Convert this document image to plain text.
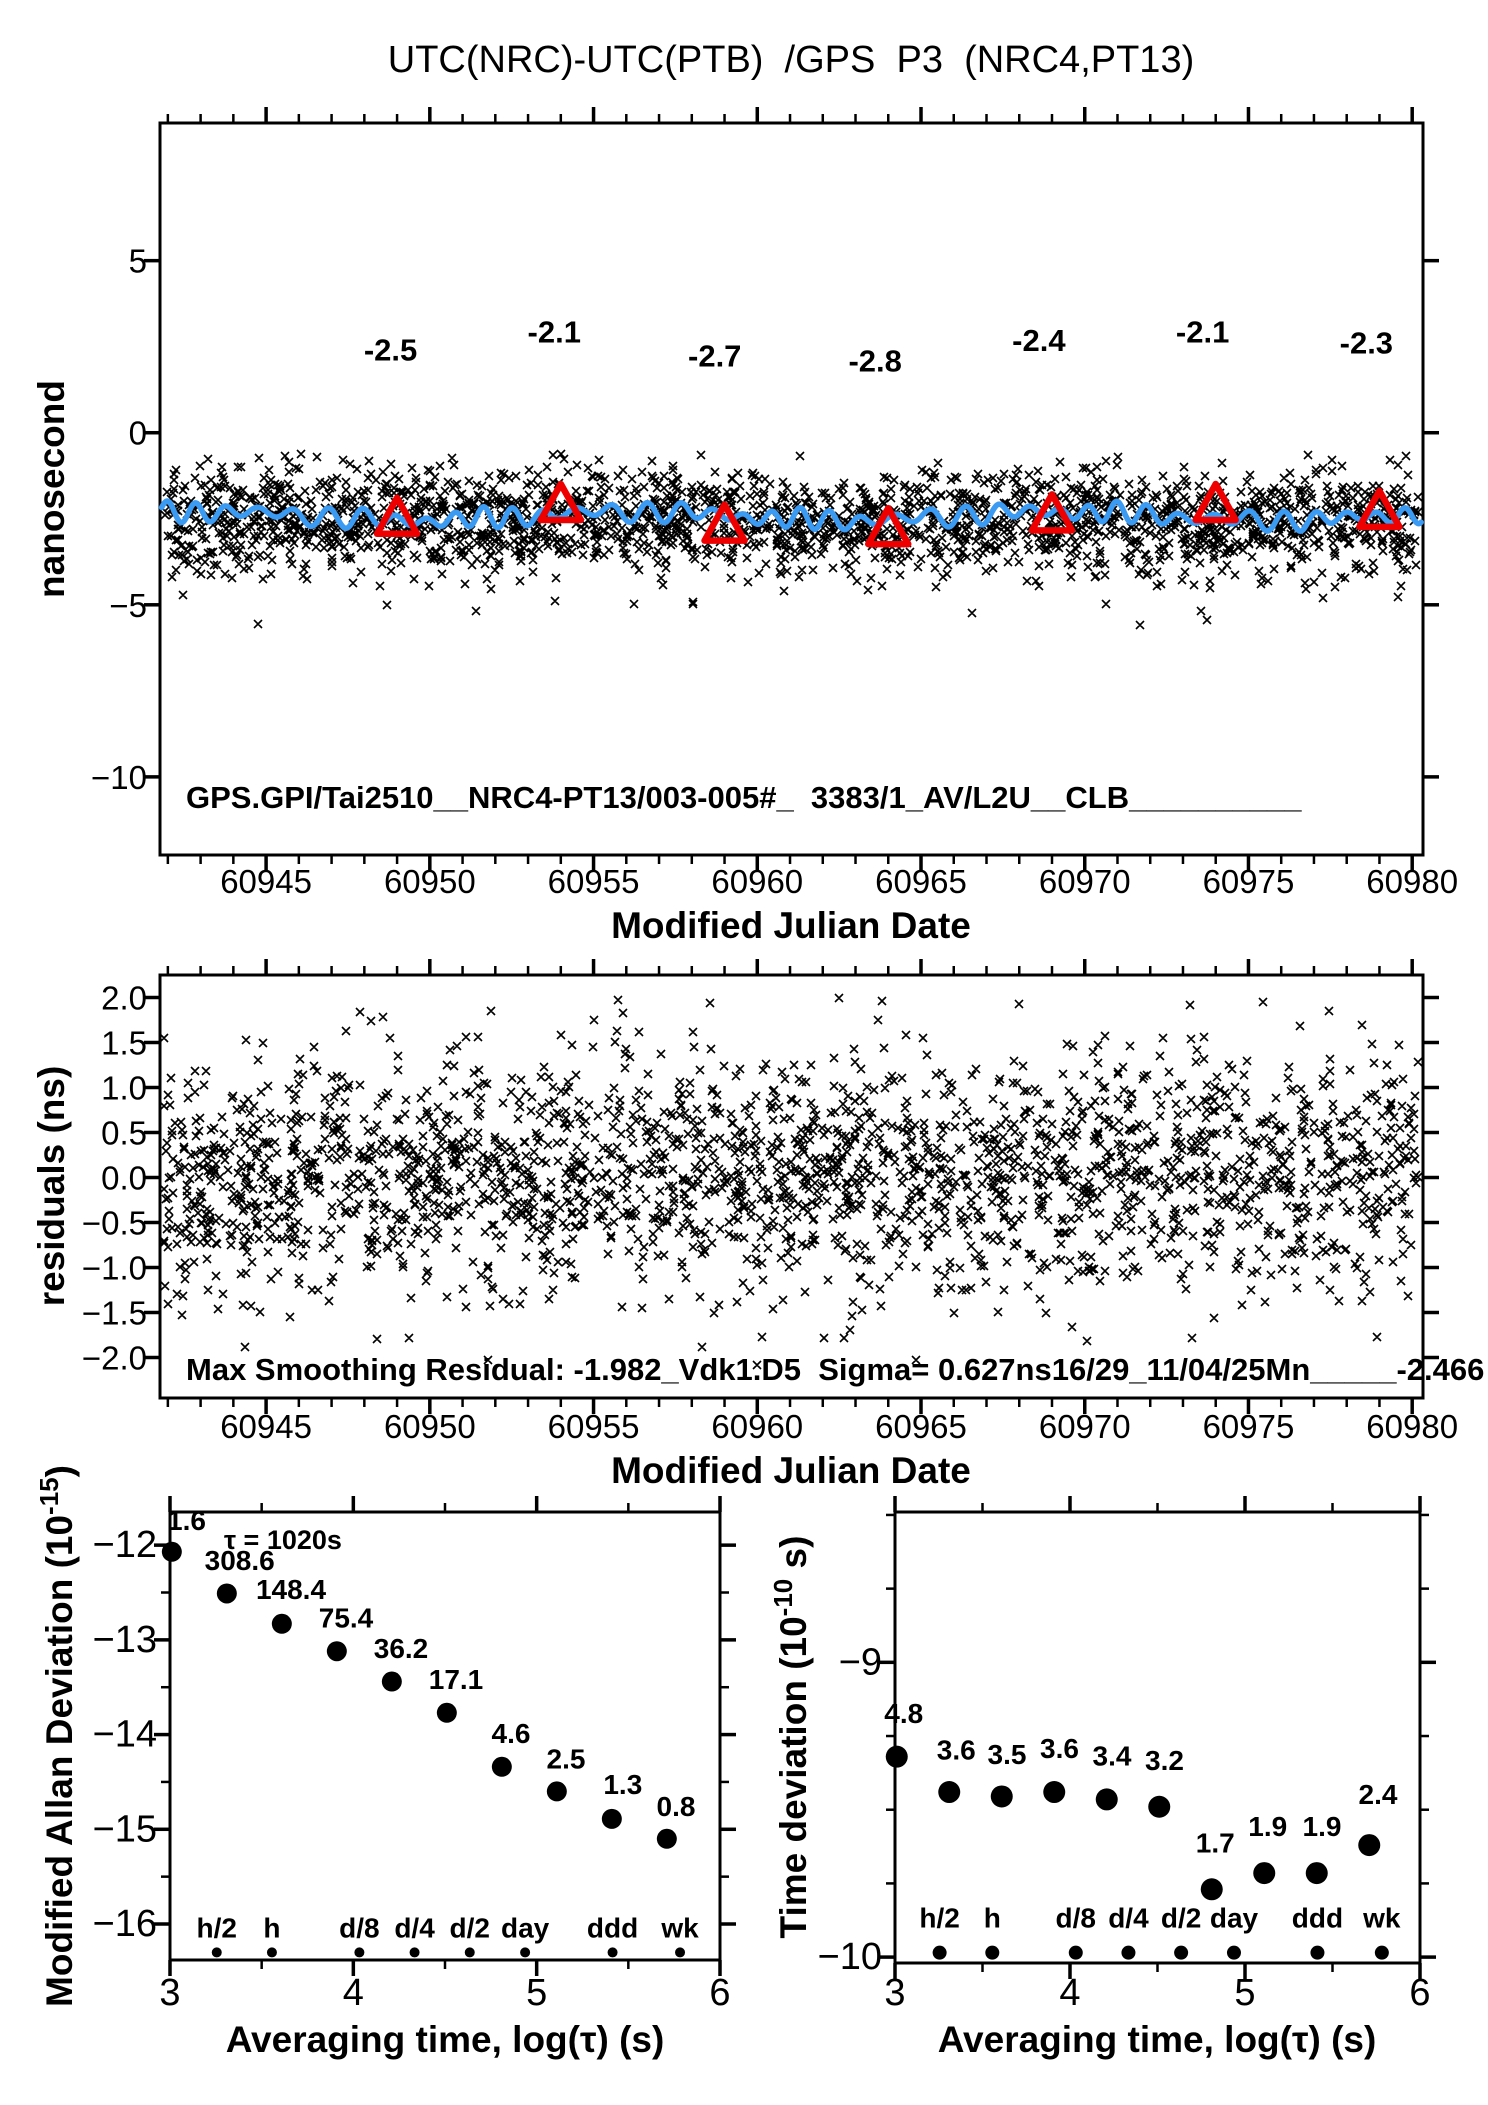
60945 60950 60955 60960 60965 60970 60975 60980
5
0
−5
−10
-2.5
-2.1
-2.7	-2.8
-2.4	-2.1	-2.3
60945 60950 60955 60960 60965 60970 60975 60980
2.0
1.5
1.0
0.5
0.0
−0.5
−1.0
−1.5
−2.0
3	4	5	6
−12
−13
−14
−15
−16
1.6
308.6
148.4
75.4
36.2
17.1
4.6
2.5
1.3
0.8
h/2 h d/8 d/4 d/2 day ddd wk
3	4	5	6
−9
−10
4.8
3.6 3.5 3.6 3.4 3.2
1.7
1.9 1.9
2.4
h/2 h d/8 d/4 d/2 day ddd wk
UTC(NRC)-UTC(PTB)  /GPS  P3  (NRC4,PT13)
nanosecond
GPS.GPI/Tai2510__NRC4-PT13/003-005#_  3383/1_AV/L2U__CLB__________
Modified Julian Date
residuals (ns)
Max Smoothing Residual: -1.982_Vdk1.D5  Sigma= 0.627ns16/29_11/04/25Mn_____-2.466
Modified Julian Date
Modified Allan Deviation $(10^{-15})$
τ = 1020s
Averaging time, log(τ) (s)
Time deviation ($10^{-10}$ s)
Averaging time, log(τ) (s)
